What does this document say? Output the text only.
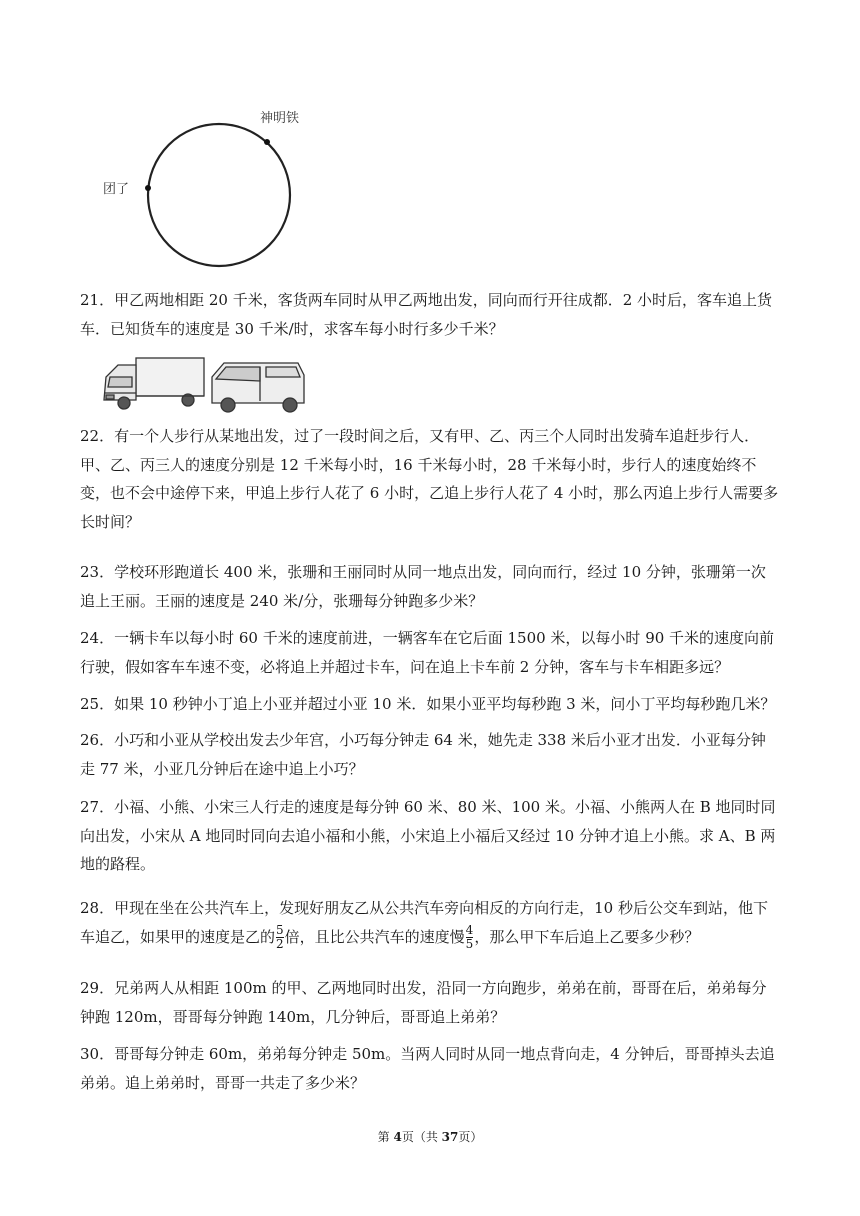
神明铁
团了
21．甲乙两地相距 20 千米，客货两车同时从甲乙两地出发，同向而行开往成都．2 小时后，客车追上货车．已知货车的速度是 30 千米/时，求客车每小时行多少千米？
22．有一个人步行从某地出发，过了一段时间之后，又有甲、乙、丙三个人同时出发骑车追赶步行人．甲、乙、丙三人的速度分别是 12 千米每小时，16 千米每小时，28 千米每小时，步行人的速度始终不变，也不会中途停下来，甲追上步行人花了 6 小时，乙追上步行人花了 4 小时，那么丙追上步行人需要多长时间？
23．学校环形跑道长 400 米，张珊和王丽同时从同一地点出发，同向而行，经过 10 分钟，张珊第一次追上王丽。王丽的速度是 240 米/分，张珊每分钟跑多少米？
24．一辆卡车以每小时 60 千米的速度前进，一辆客车在它后面 1500 米，以每小时 90 千米的速度向前行驶，假如客车车速不变，必将追上并超过卡车，问在追上卡车前 2 分钟，客车与卡车相距多远？
25．如果 10 秒钟小丁追上小亚并超过小亚 10 米．如果小亚平均每秒跑 3 米，问小丁平均每秒跑几米？
26．小巧和小亚从学校出发去少年宫，小巧每分钟走 64 米，她先走 338 米后小亚才出发．小亚每分钟走 77 米，小亚几分钟后在途中追上小巧？
27．小福、小熊、小宋三人行走的速度是每分钟 60 米、80 米、100 米。小福、小熊两人在 B 地同时同向出发，小宋从 A 地同时同向去追小福和小熊，小宋追上小福后又经过 10 分钟才追上小熊。求 A、B 两地的路程。
28．甲现在坐在公共汽车上，发现好朋友乙从公共汽车旁向相反的方向行走，10 秒后公交车到站，他下车追乙，如果甲的速度是乙的 $\frac{5}{2}$ 倍，且比公共汽车的速度慢 $\frac{4}{5}$ ，那么甲下车后追上乙要多少秒？
29．兄弟两人从相距 100m 的甲、乙两地同时出发，沿同一方向跑步，弟弟在前，哥哥在后，弟弟每分钟跑 120m，哥哥每分钟跑 140m，几分钟后，哥哥追上弟弟？
30．哥哥每分钟走 60m，弟弟每分钟走 50m。当两人同时从同一地点背向走，4 分钟后，哥哥掉头去追弟弟。追上弟弟时，哥哥一共走了多少米？
第 4页（共 37页）
